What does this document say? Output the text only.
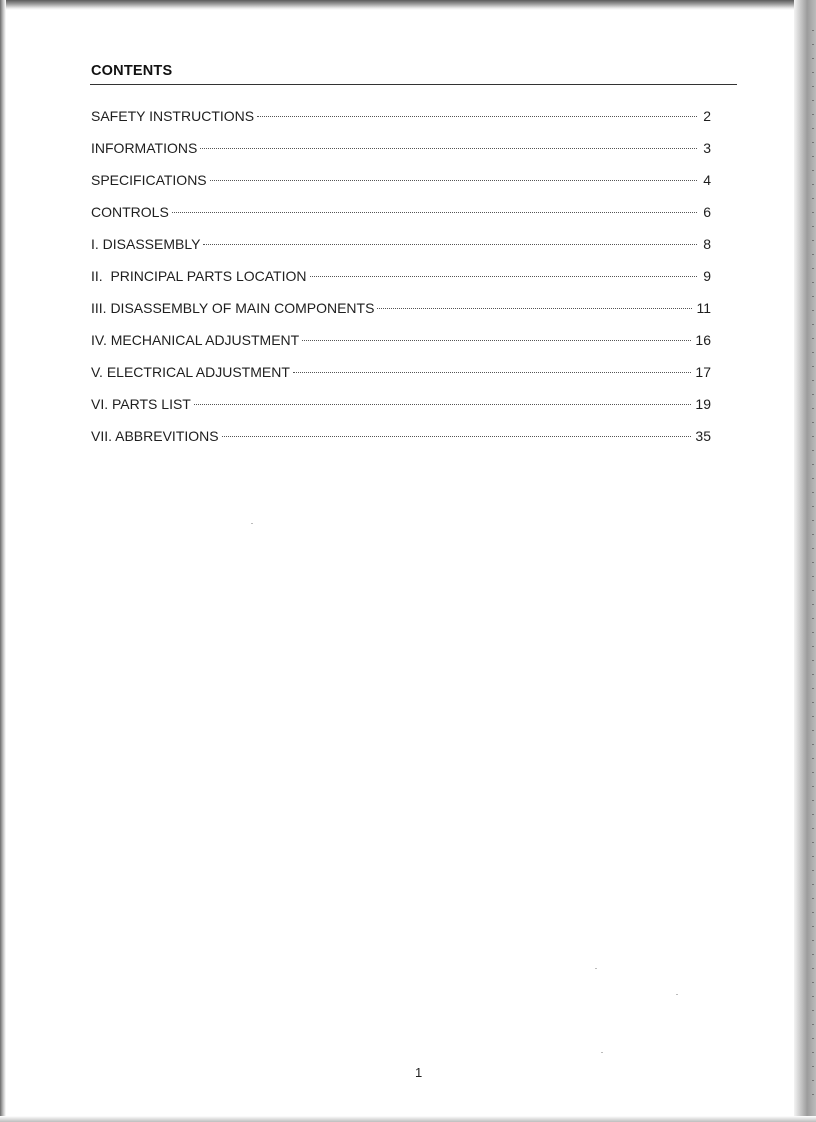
CONTENTS
SAFETY INSTRUCTIONS	2
INFORMATIONS	3
SPECIFICATIONS	4
CONTROLS	6
I. DISASSEMBLY	8
II.  PRINCIPAL PARTS LOCATION	9
III. DISASSEMBLY OF MAIN COMPONENTS	11
IV. MECHANICAL ADJUSTMENT	16
V. ELECTRICAL ADJUSTMENT	17
VI. PARTS LIST	19
VII. ABBREVITIONS	35
1
